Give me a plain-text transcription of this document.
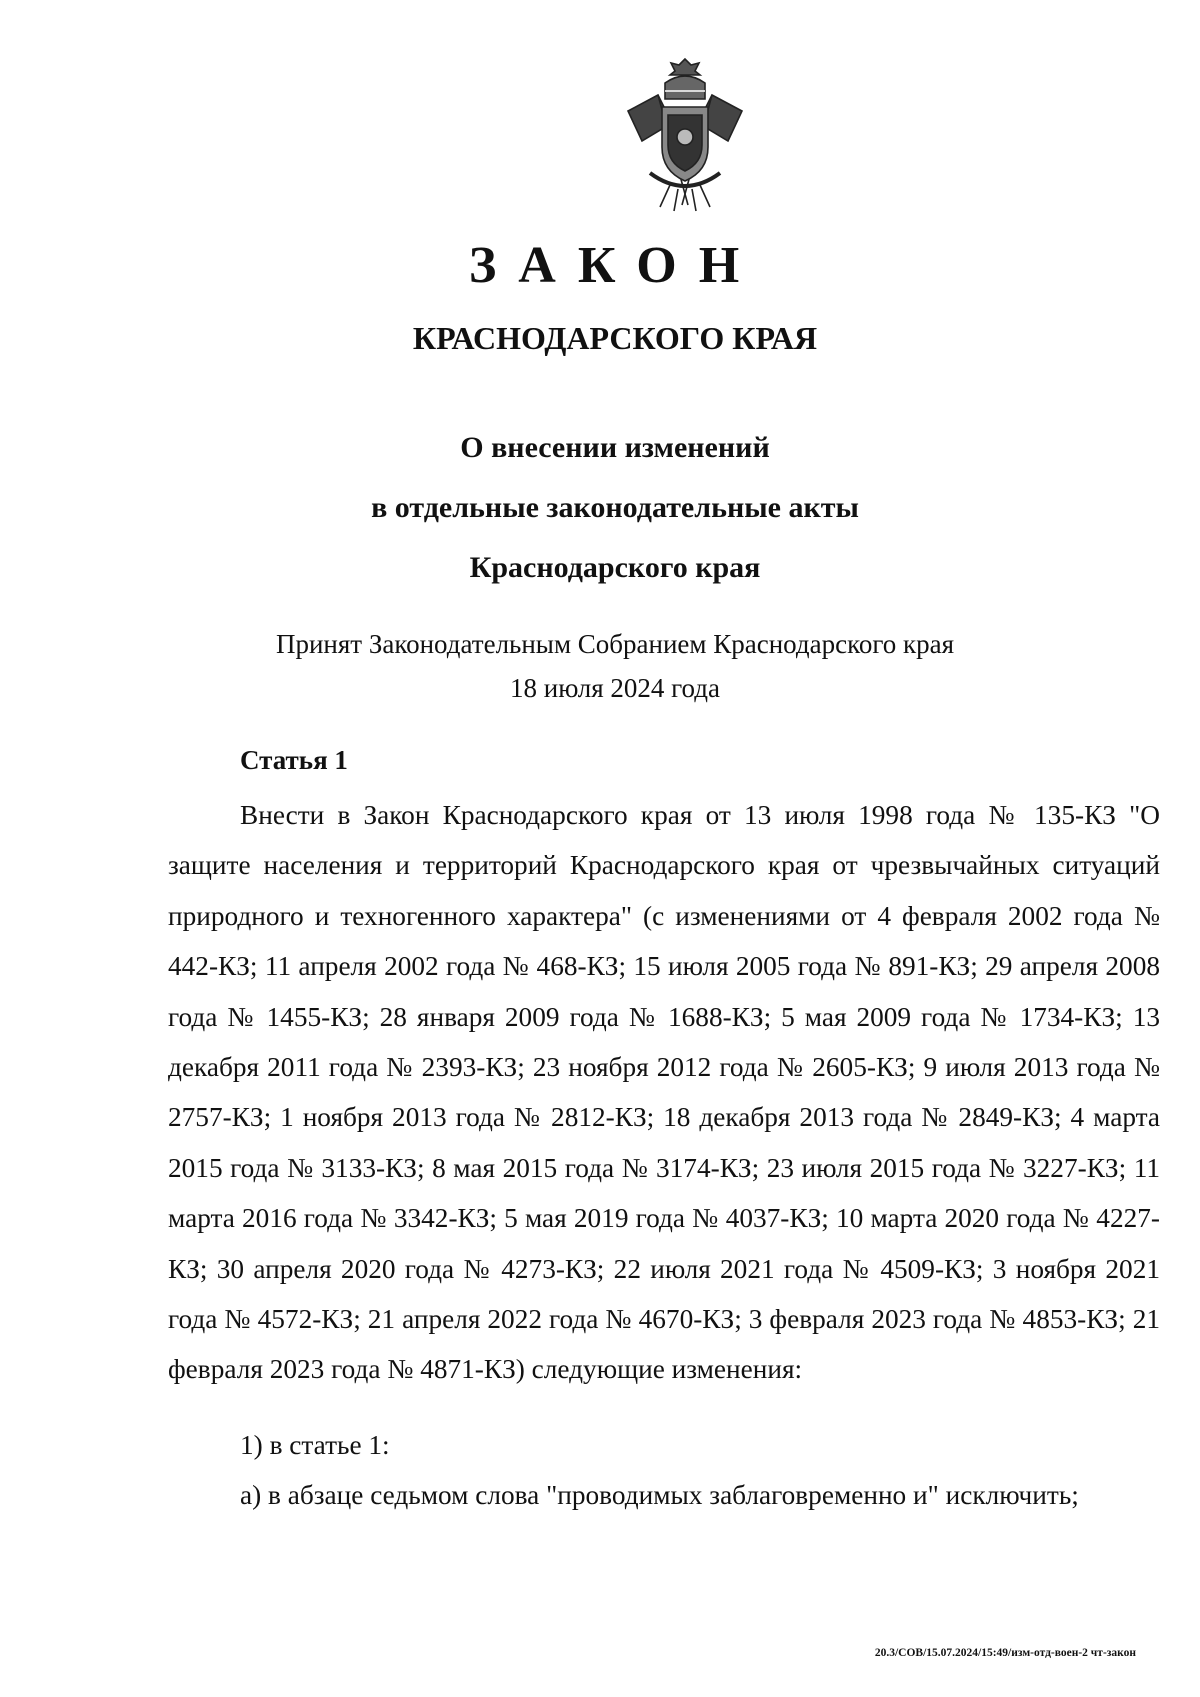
ЗАКОН
КРАСНОДАРСКОГО КРАЯ
О внесении изменений
в отдельные законодательные акты
Краснодарского края
Принят Законодательным Собранием Краснодарского края
18 июля 2024 года
Статья 1

Внести в Закон Краснодарского края от 13 июля 1998 года № 135-КЗ "О защите населения и территорий Краснодарского края от чрезвычайных ситуаций природного и техногенного характера" (с изменениями от 4 февраля 2002 года № 442-КЗ; 11 апреля 2002 года № 468-КЗ; 15 июля 2005 года № 891-КЗ; 29 апреля 2008 года № 1455-КЗ; 28 января 2009 года № 1688-КЗ; 5 мая 2009 года № 1734-КЗ; 13 декабря 2011 года № 2393-КЗ; 23 ноября 2012 года № 2605-КЗ; 9 июля 2013 года № 2757-КЗ; 1 ноября 2013 года № 2812-КЗ; 18 декабря 2013 года № 2849-КЗ; 4 марта 2015 года № 3133-КЗ; 8 мая 2015 года № 3174-КЗ; 23 июля 2015 года № 3227-КЗ; 11 марта 2016 года № 3342-КЗ; 5 мая 2019 года № 4037-КЗ; 10 марта 2020 года № 4227-КЗ; 30 апреля 2020 года № 4273-КЗ; 22 июля 2021 года № 4509-КЗ; 3 ноября 2021 года № 4572-КЗ; 21 апреля 2022 года № 4670-КЗ; 3 февраля 2023 года № 4853-КЗ; 21 февраля 2023 года № 4871-КЗ) следующие изменения:

1) в статье 1:
а) в абзаце седьмом слова "проводимых заблаговременно и" исключить;
20.3/СОВ/15.07.2024/15:49/изм-отд-воен-2 чт-закон
